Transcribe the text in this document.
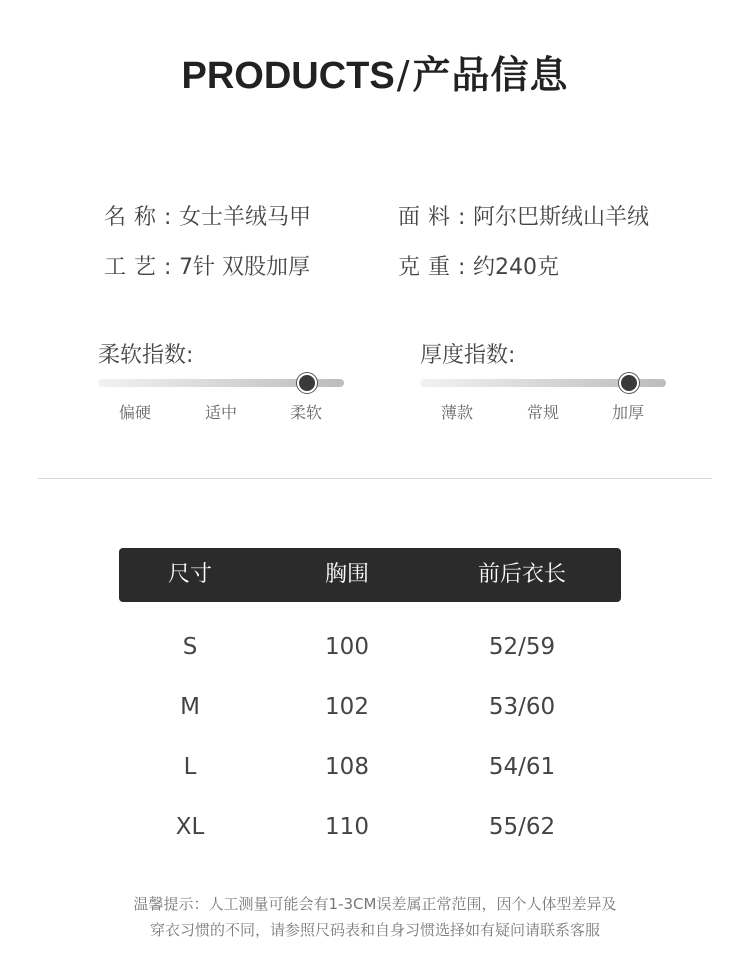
PRODUCTS/产品信息
名称: 女士羊绒马甲	面料: 阿尔巴斯绒山羊绒
工艺: 7针 双股加厚	克重: 约240克
柔软指数:
偏硬	适中	柔软
厚度指数:
薄款	常规	加厚
尺寸	胸围	前后衣长
S	100	52/59
M	102	53/60
L	108	54/61
XL	110	55/62
温馨提示：人工测量可能会有1-3CM误差属正常范围，因个人体型差异及
穿衣习惯的不同，请参照尺码表和自身习惯选择如有疑问请联系客服
